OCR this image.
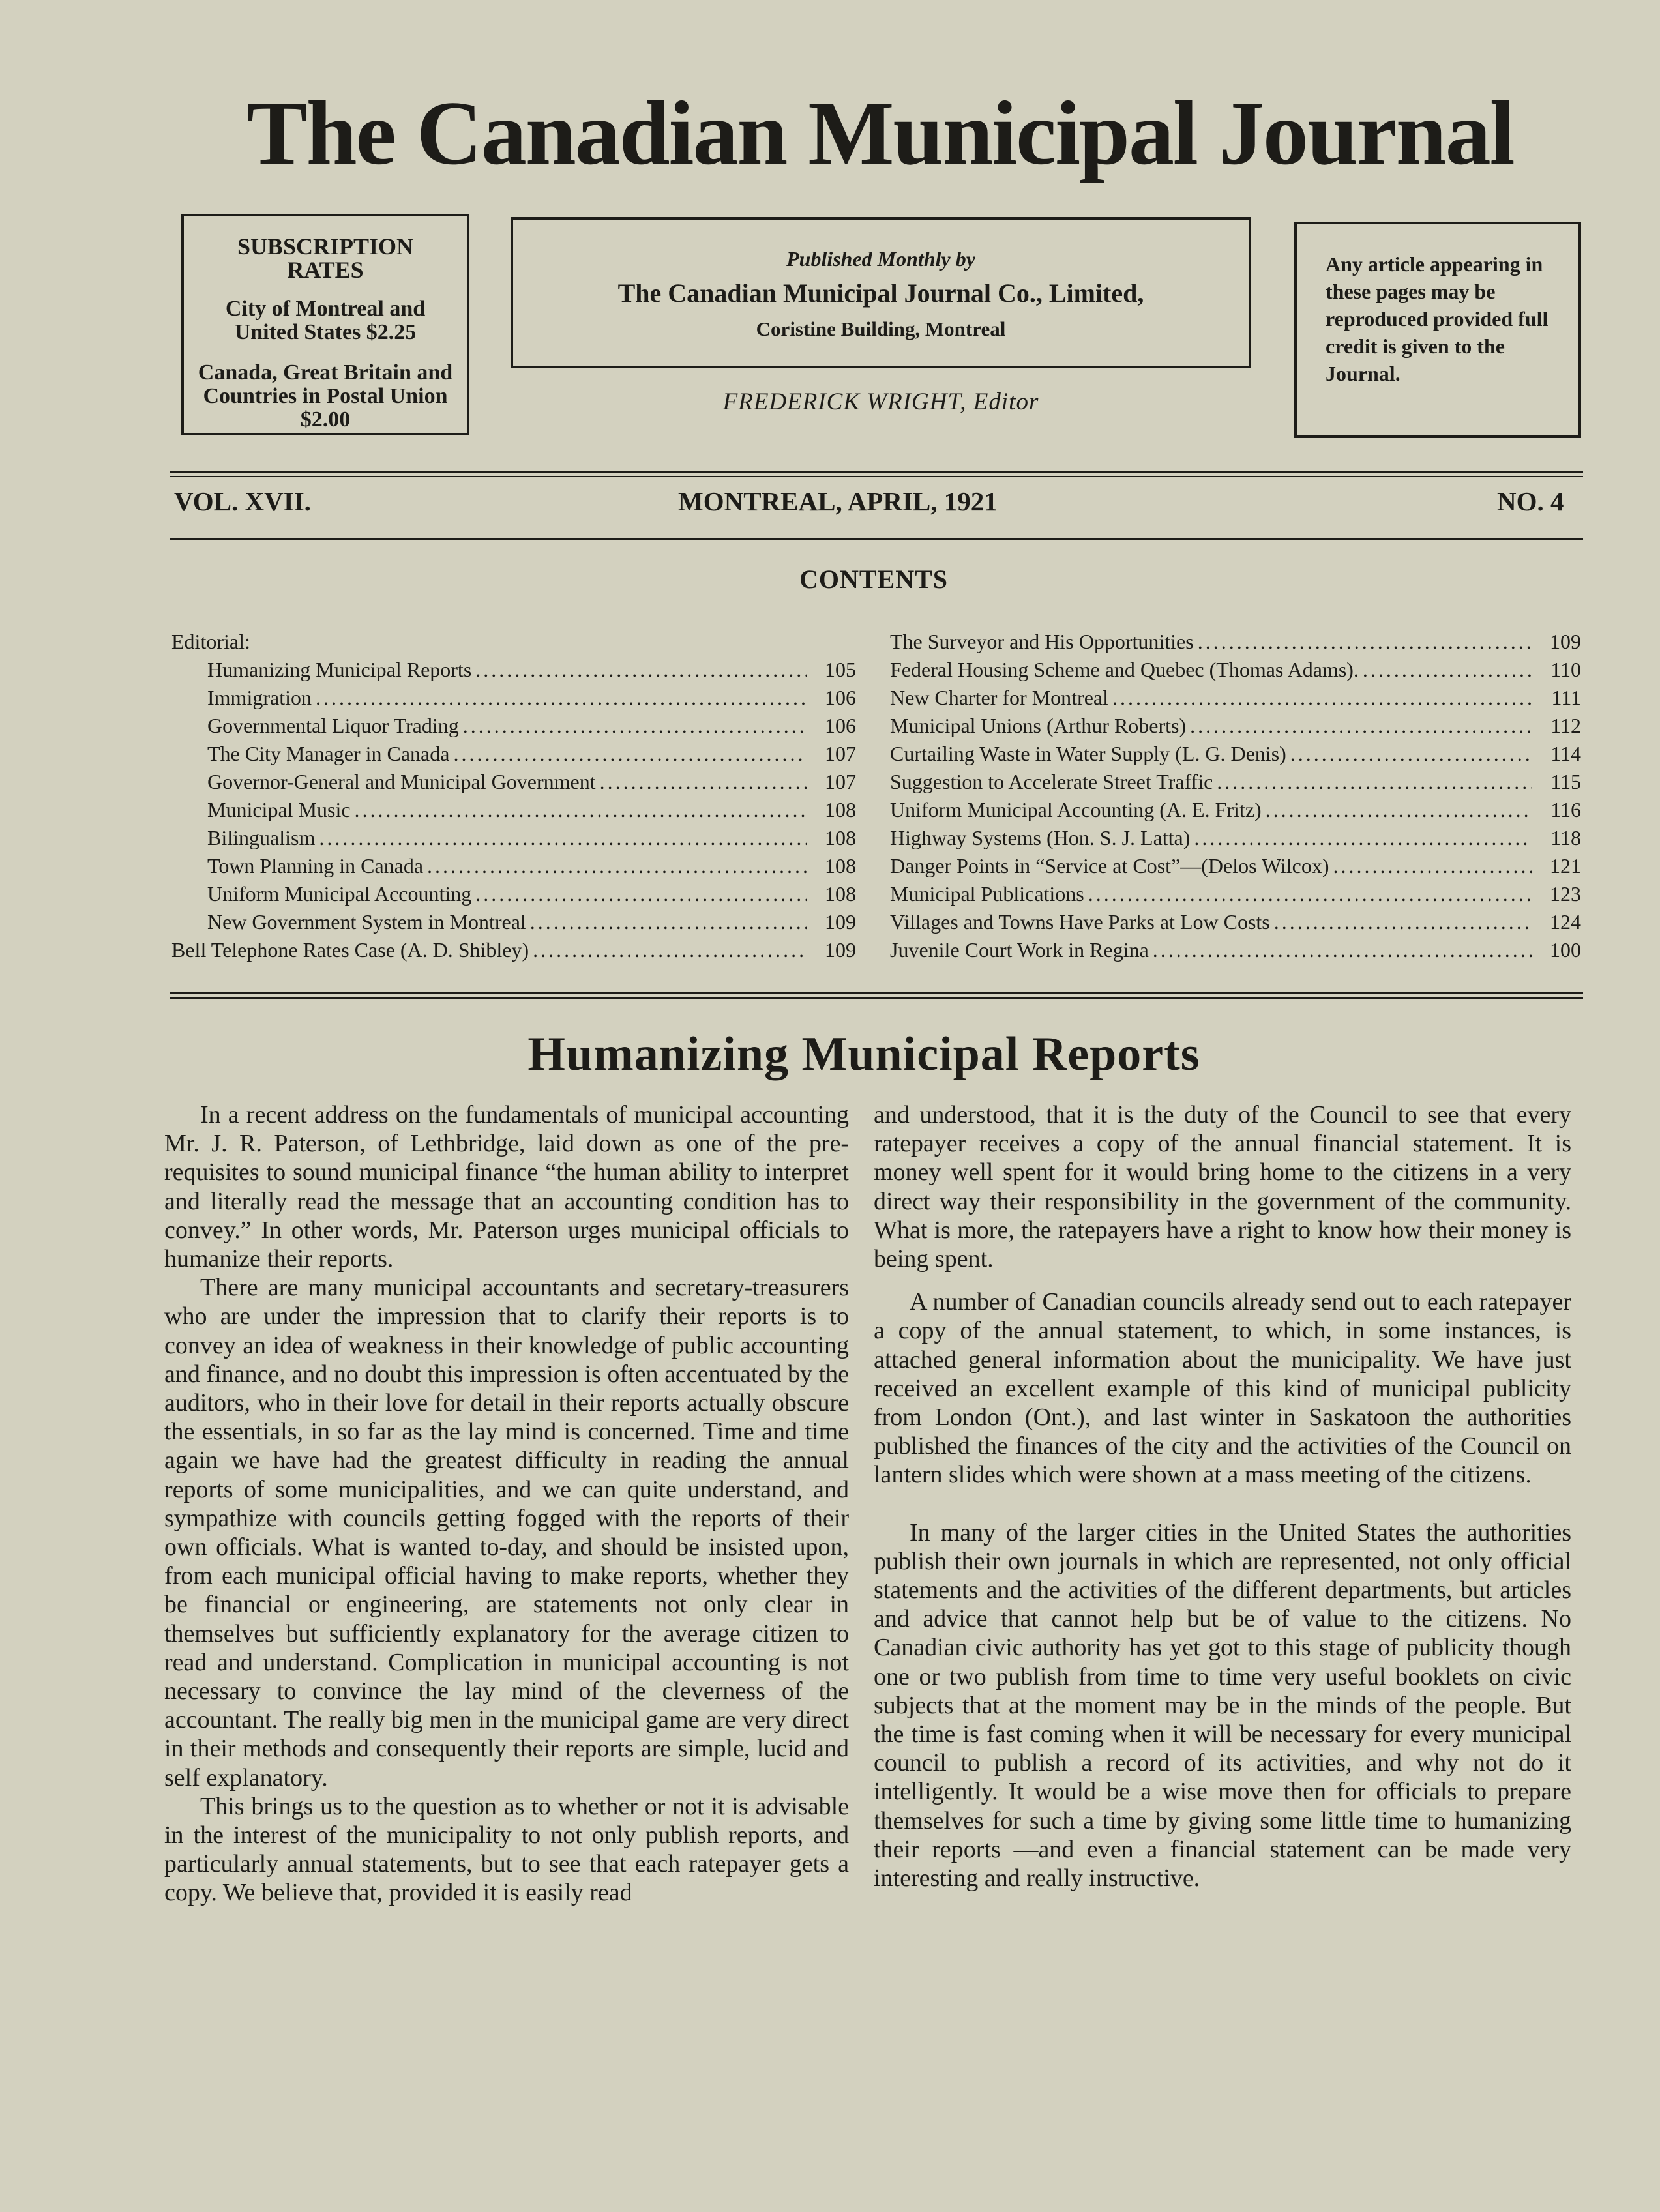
The Canadian Municipal Journal
SUBSCRIPTION RATES
City of Montreal and United States $2.25
Canada, Great Britain and Countries in Postal Union $2.00
Published Monthly by
The Canadian Municipal Journal Co., Limited,
Coristine Building, Montreal
FREDERICK WRIGHT, Editor
Any article appearing in these pages may be reproduced provided full credit is given to the Journal.
VOL. XVII.	MONTREAL, APRIL, 1921	NO. 4
CONTENTS
Editorial:
Humanizing Municipal Reports .....	105
Immigration .....	106
Governmental Liquor Trading .....	106
The City Manager in Canada .....	107
Governor-General and Municipal Government .....	107
Municipal Music .....	108
Bilingualism .....	108
Town Planning in Canada .....	108
Uniform Municipal Accounting .....	108
New Government System in Montreal .....	109
Bell Telephone Rates Case (A. D. Shibley) .....	109
The Surveyor and His Opportunities .....	109
Federal Housing Scheme and Quebec (Thomas Adams). .....	110
New Charter for Montreal .....	111
Municipal Unions (Arthur Roberts) .....	112
Curtailing Waste in Water Supply (L. G. Denis) .....	114
Suggestion to Accelerate Street Traffic .....	115
Uniform Municipal Accounting (A. E. Fritz) .....	116
Highway Systems (Hon. S. J. Latta) .....	118
Danger Points in “Service at Cost”—(Delos Wilcox) .....	121
Municipal Publications .....	123
Villages and Towns Have Parks at Low Costs .....	124
Juvenile Court Work in Regina .....	100
Humanizing Municipal Reports

In a recent address on the fundamentals of municipal accounting Mr. J. R. Paterson, of Lethbridge, laid down as one of the pre-requisites to sound municipal finance “the human ability to interpret and literally read the message that an accounting condition has to convey.” In other words, Mr. Paterson urges municipal officials to humanize their reports.

There are many municipal accountants and secretary-treasurers who are under the impression that to clarify their reports is to convey an idea of weakness in their knowledge of public accounting and finance, and no doubt this impression is often accentuated by the auditors, who in their love for detail in their reports actually obscure the essentials, in so far as the lay mind is concerned. Time and time again we have had the greatest difficulty in reading the annual reports of some municipalities, and we can quite understand, and sympathize with councils getting fogged with the reports of their own officials. What is wanted to-day, and should be insisted upon, from each municipal official having to make reports, whether they be financial or engineering, are statements not only clear in themselves but sufficiently explanatory for the average citizen to read and understand. Complication in municipal accounting is not necessary to convince the lay mind of the cleverness of the accountant. The really big men in the municipal game are very direct in their methods and consequently their reports are simple, lucid and self explanatory.

This brings us to the question as to whether or not it is advisable in the interest of the municipality to not only publish reports, and particularly annual statements, but to see that each ratepayer gets a copy. We believe that, provided it is easily read

and understood, that it is the duty of the Council to see that every ratepayer receives a copy of the annual financial statement. It is money well spent for it would bring home to the citizens in a very direct way their responsibility in the government of the community. What is more, the ratepayers have a right to know how their money is being spent.

A number of Canadian councils already send out to each ratepayer a copy of the annual statement, to which, in some instances, is attached general information about the municipality. We have just received an excellent example of this kind of municipal publicity from London (Ont.), and last winter in Saskatoon the authorities published the finances of the city and the activities of the Council on lantern slides which were shown at a mass meeting of the citizens.

In many of the larger cities in the United States the authorities publish their own journals in which are represented, not only official statements and the activities of the different departments, but articles and advice that cannot help but be of value to the citizens. No Canadian civic authority has yet got to this stage of publicity though one or two publish from time to time very useful booklets on civic subjects that at the moment may be in the minds of the people. But the time is fast coming when it will be necessary for every municipal council to publish a record of its activities, and why not do it intelligently. It would be a wise move then for officials to prepare themselves for such a time by giving some little time to humanizing their reports —and even a financial statement can be made very interesting and really instructive.
